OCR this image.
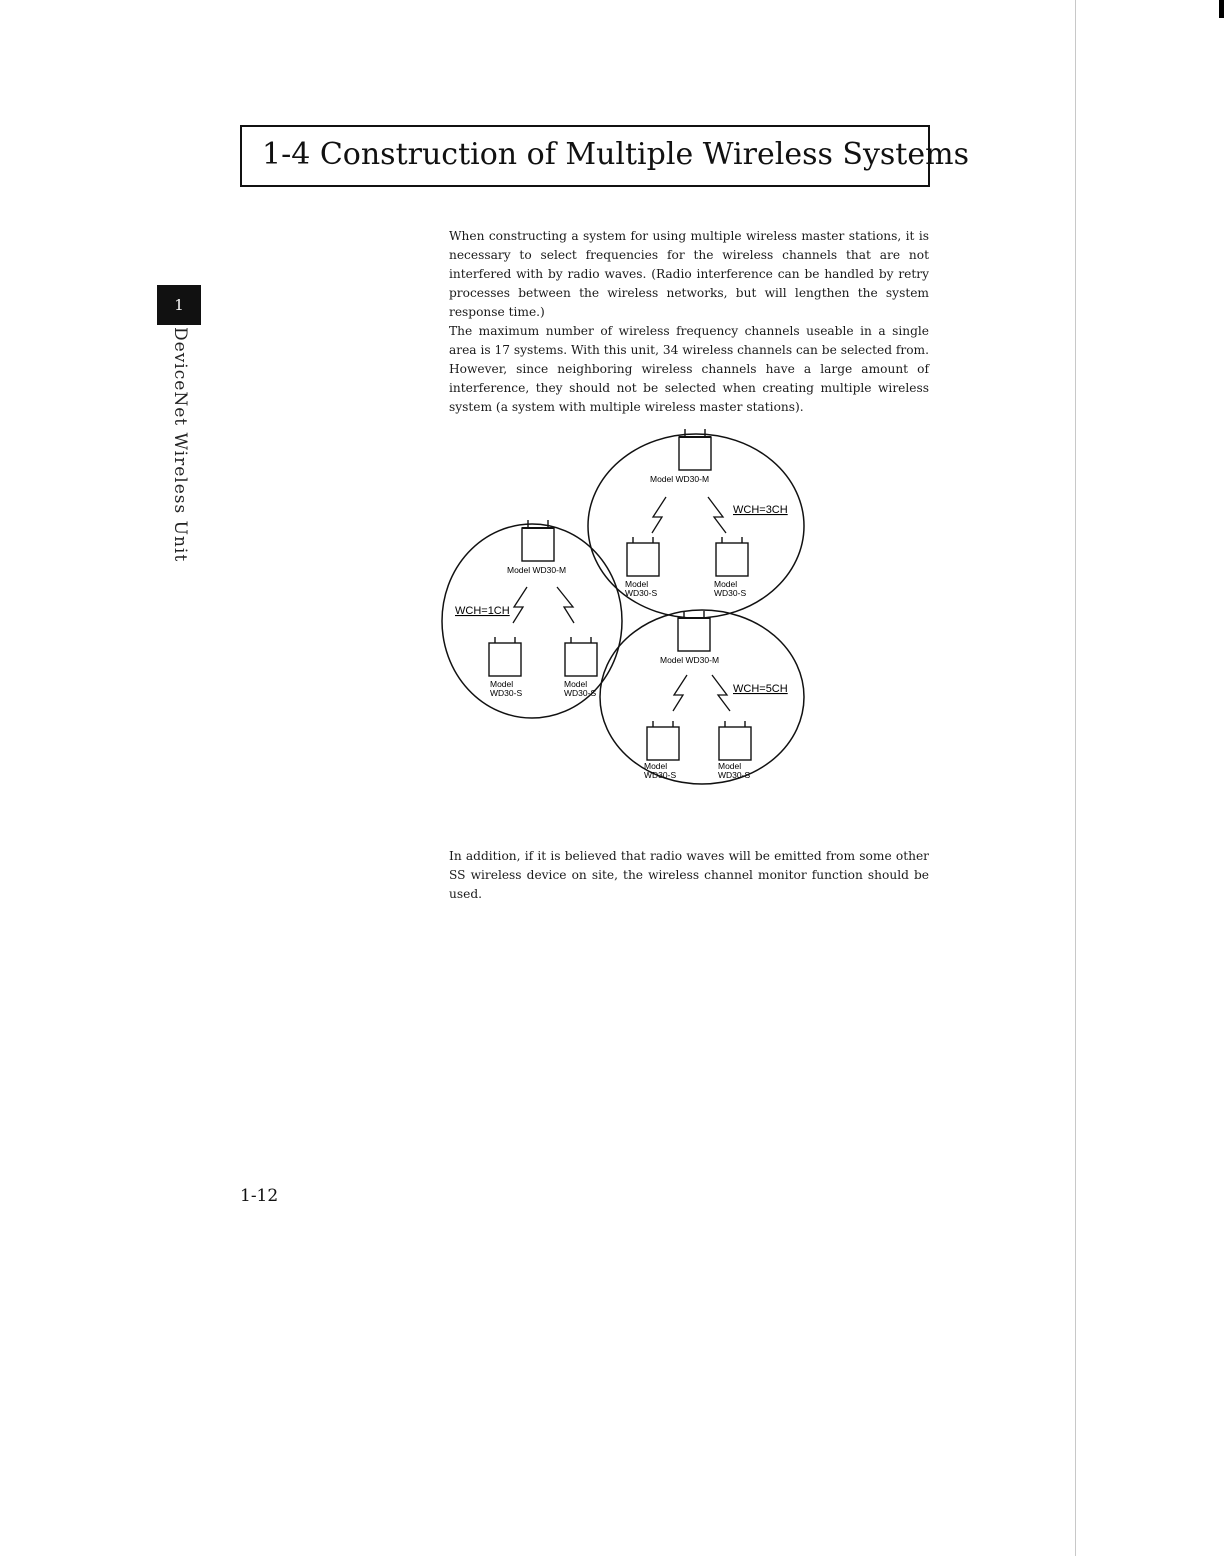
1-4 Construction of Multiple Wireless Systems
1
DeviceNet Wireless Unit

When constructing a system for using multiple wireless master stations, it is necessary to select frequencies for the wireless channels that are not interfered with by radio waves. (Radio interference can be handled by retry processes between the wireless networks, but will lengthen the system response time.)

The maximum number of wireless frequency channels useable in a single area is 17 systems. With this unit, 34 wireless channels can be selected from. However, since neighboring wireless channels have a large amount of interference, they should not be selected when creating multiple wireless system (a system with multiple wireless master stations).

Model WD30-M
WCH=3CH
Model
WD30-S
Model
WD30-S
Model WD30-M
WCH=1CH
Model
WD30-S
Model
WD30-S
Model WD30-M
WCH=5CH
Model
WD30-S
Model
WD30-S

In addition, if it is believed that radio waves will be emitted from some other SS wireless device on site, the wireless channel monitor function should be used.

1-12
